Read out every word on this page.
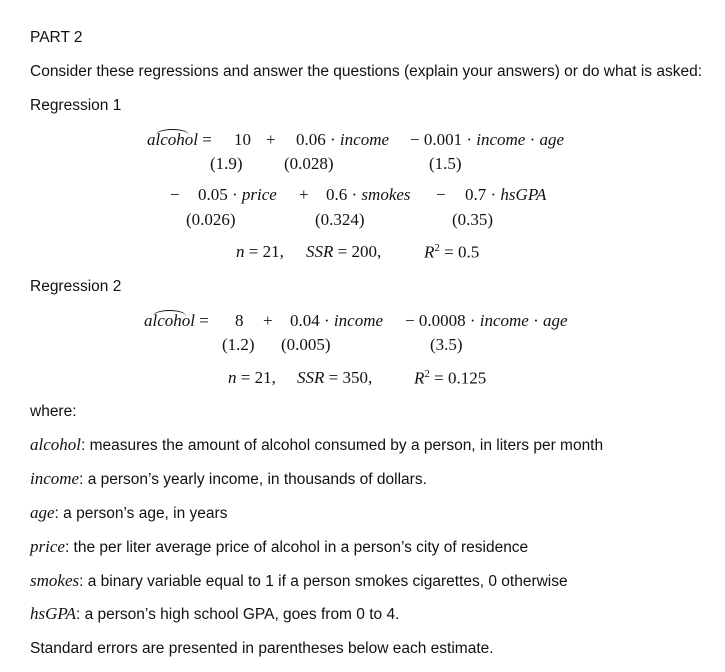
PART 2
Consider these regressions and answer the questions (explain your answers) or do what is asked:
Regression 1
alcohol = 10 + 0.06 · income − 0.001 · income · age
(1.9) (0.028)	(1.5)
− 0.05 · price + 0.6 · smokes − 0.7 · hsGPA
(0.026)	(0.324)	(0.35)
n = 21, SSR = 200,	$R^2 = 0.5$
Regression 2
alcohol = 8 + 0.04 · income − 0.0008 · income · age
(1.2) (0.005)	(3.5)
n = 21, SSR = 350, $R^2 = 0.125$
where:
alcohol: measures the amount of alcohol consumed by a person, in liters per month
income: a person’s yearly income, in thousands of dollars.
age: a person’s age, in years
price: the per liter average price of alcohol in a person’s city of residence
smokes: a binary variable equal to 1 if a person smokes cigarettes, 0 otherwise
hsGPA: a person’s high school GPA, goes from 0 to 4.
Standard errors are presented in parentheses below each estimate.
